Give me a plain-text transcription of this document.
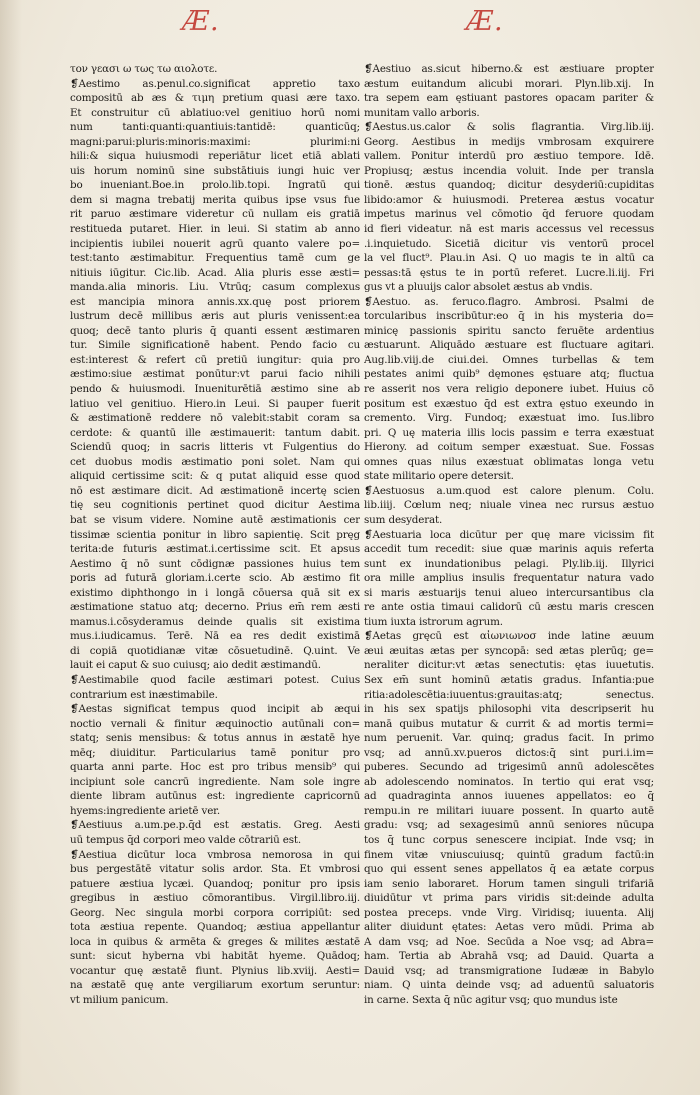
Æ.	Æ.
τον γεασι ω τως τω αιολοτε.
❡Aestimo as.penul.co.significat appretio taxo
compositū ab æs & τιμη pretium quasi ære taxo.
Et construitur cū ablatiuo:vel genitiuo horū nomi
num tanti:quanti:quantiuis:tantidē: quanticūq;
magni:parui:pluris:minoris:maximi: plurimi:ni
hili:& siqua huiusmodi reperiātur licet etiā ablati
uis horum nominū sine substātiuis iungi huic ver
bo inueniant.Boe.in prolo.lib.topi. Ingratū qui
dem si magna trebatij merita quibus ipse vsus fue
rit paruo æstimare videretur cū nullam eis gratiā
restitueda putaret. Hier. in leui. Si statim ab anno
incipientis iubilei nouerit agrū quanto valere po=
test:tanto æstimabitur. Frequentius tamē cum ge
nitiuis iūgitur. Cic.lib. Acad. Alia pluris esse æsti=
manda.alia minoris. Liu. Vtrūq; casum complexus
est mancipia minora annis.xx.quę post priorem
lustrum decē millibus æris aut pluris venissent:ea
quoq; decē tanto pluris q̄ quanti essent æstimaren
tur. Simile significationē habent. Pendo facio cu
est:interest & refert cū pretiū iungitur: quia pro
æstimo:siue æstimat ponūtur:vt parui facio nihili
pendo & huiusmodi. Inueniturētiā æstimo sine ab
latiuo vel genitiuo. Hiero.in Leui. Si pauper fuerit
& æstimationē reddere nō valebit:stabit coram sa
cerdote: & quantū ille æstimauerit: tantum dabit.
Sciendū quoq; in sacris litteris vt Fulgentius do
cet duobus modis æstimatio poni solet. Nam qui
aliquid certissime scit: & q putat aliquid esse quod
nō est æstimare dicit. Ad æstimationē incertę scien
tię seu cognitionis pertinet quod dicitur Aestima
bat se visum videre. Nomine autē æstimationis cer
tissimæ scientia ponitur in libro sapientię. Scit pręg
terita:de futuris æstimat.i.certissime scit. Et apsus
Aestimo q̄ nō sunt cōdignæ passiones huius tem
poris ad futurā gloriam.i.certe scio. Ab æstimo fit
existimo diphthongo in i longā cōuersa quā sit ex
æstimatione statuo atq; decerno. Prius em̄ rem æsti
mamus.i.cōsyderamus deinde qualis sit existima
mus.i.iudicamus. Terē. Nā ea res dedit existimā
di copiā quotidianæ vitæ cōsuetudinē. Q.uint. Ve
lauit ei caput & suo cuiusq; aio dedit æstimandū.
❡Aestimabile quod facile æstimari potest. Cuius
contrarium est inæstimabile.
❡Aestas significat tempus quod incipit ab æqui
noctio vernali & finitur æquinoctio autūnali con=
statq; senis mensibus: & totus annus in æstatē hye
mēq; diuiditur. Particularius tamē ponitur pro
quarta anni parte. Hoc est pro tribus mensib⁹ qui
incipiunt sole cancrū ingrediente. Nam sole ingre
diente libram autūnus est: ingrediente capricornū
hyems:ingrediente arietē ver.
❡Aestiuus a.um.pe.p.q̄d est æstatis. Greg. Aesti
uū tempus q̄d corpori meo valde cōtrariū est.
❡Aestiua dicūtur loca vmbrosa nemorosa in qui
bus pergestātē vitatur solis ardor. Sta. Et vmbrosi
patuere æstiua lycæi. Quandoq; ponitur pro ipsis
gregibus in æstiuo cōmorantibus. Virgil.libro.iij.
Georg. Nec singula morbi corpora corripiūt: sed
tota æstiua repente. Quandoq; æstiua appellantur
loca in quibus & armēta & greges & milites æstatē
sunt: sicut hyberna vbi habitāt hyeme. Quādoq;
vocantur quę æstatē fiunt. Plynius lib.xviij. Aesti=
na æstatē quę ante vergiliarum exortum seruntur:
vt milium panicum.
❡Aestiuo as.sicut hiberno.& est æstiuare propter
æstum euitandum alicubi morari. Plyn.lib.xij. In
tra sepem eam ęstiuant pastores opacam pariter &
munitam vallo arboris.
❡Aestus.us.calor & solis flagrantia. Virg.lib.iij.
Georg. Aestibus in medijs vmbrosam exquirere
vallem. Ponitur interdū pro æstiuo tempore. Idē.
Propiusq; æstus incendia voluit. Inde per transla
tionē. æstus quandoq; dicitur desyderiū:cupiditas
libido:amor & huiusmodi. Preterea æstus vocatur
impetus marinus vel cōmotio q̄d feruore quodam
id fieri videatur. nā est maris accessus vel recessus
.i.inquietudo. Sicetiā dicitur vis ventorū procel
la vel fluct⁹. Plau.in Asi. Q uo magis te in altū ca
pessas:tā ęstus te in portū referet. Lucre.li.iij. Fri
gus vt a pluuijs calor absolet æstus ab vndis.
❡Aestuo. as. feruco.flagro. Ambrosi. Psalmi de
torcularibus inscribūtur:eo q̄ in his mysteria do=
minicę passionis spiritu sancto feruēte ardentius
æstuarunt. Aliquādo æstuare est fluctuare agitari.
Aug.lib.viij.de ciui.dei. Omnes turbellas & tem
pestates animi quib⁹ dęmones ęstuare atq; fluctua
re asserit nos vera religio deponere iubet. Huius cō
positum est exæstuo q̄d est extra ęstuo exeundo in
cremento. Virg. Fundoq; exæstuat imo. Ius.libro
pri. Q uę materia illis locis passim e terra exæstuat
Hierony. ad coitum semper exæstuat. Sue. Fossas
omnes quas nilus exæstuat oblimatas longa vetu
state militario opere detersit.
❡Aestuosus a.um.quod est calore plenum. Colu.
lib.iiij. Cœlum neq; niuale vinea nec rursus æstuo
sum desyderat.
❡Aestuaria loca dicūtur per quę mare vicissim fit
accedit tum recedit: siue quæ marinis aquis referta
sunt ex inundationibus pelagi. Ply.lib.iij. Illyrici
ora mille amplius insulis frequentatur natura vado
si maris æstuarijs tenui alueo intercursantibus cla
re ante ostia timaui calidorū cū æstu maris crescen
tium iuxta istrorum agrum.
❡Aetas gręcū est αἰωνιωνοσ inde latine æuum
æui æuitas ætas per syncopā: sed ætas plerūq; ge=
neraliter dicitur:vt ætas senectutis: ętas iuuetutis.
Sex em̄ sunt hominū ætatis gradus. Infantia:pue
ritia:adolescētia:iuuentus:grauitas:atq; senectus.
in his sex spatijs philosophi vita descripserit hu
manā quibus mutatur & currit & ad mortis termi=
num peruenit. Var. quinq; gradus facit. In primo
vsq; ad annū.xv.pueros dictos:q̄ sint puri.i.im=
puberes. Secundo ad trigesimū annū adolescētes
ab adolescendo nominatos. In tertio qui erat vsq;
ad quadraginta annos iuuenes appellatos: eo q̄
rempu.in re militari iuuare possent. In quarto autē
gradu: vsq; ad sexagesimū annū seniores nūcupa
tos q̄ tunc corpus senescere incipiat. Inde vsq; in
finem vitæ vniuscuiusq; quintū gradum factū:in
quo qui essent senes appellatos q̄ ea ætate corpus
iam senio laboraret. Horum tamen singuli trifariā
diuidūtur vt prima pars viridis sit:deinde adulta
postea preceps. vnde Virg. Viridisq; iuuenta. Alij
aliter diuidunt ętates: Aetas vero mūdi. Prima ab
A dam vsq; ad Noe. Secūda a Noe vsq; ad Abra=
ham. Tertia ab Abrahā vsq; ad Dauid. Quarta a
Dauid vsq; ad transmigratione Iudææ in Babylo
niam. Q uinta deinde vsq; ad aduentū saluatoris
in carne. Sexta q̄ nūc agitur vsq; quo mundus iste
